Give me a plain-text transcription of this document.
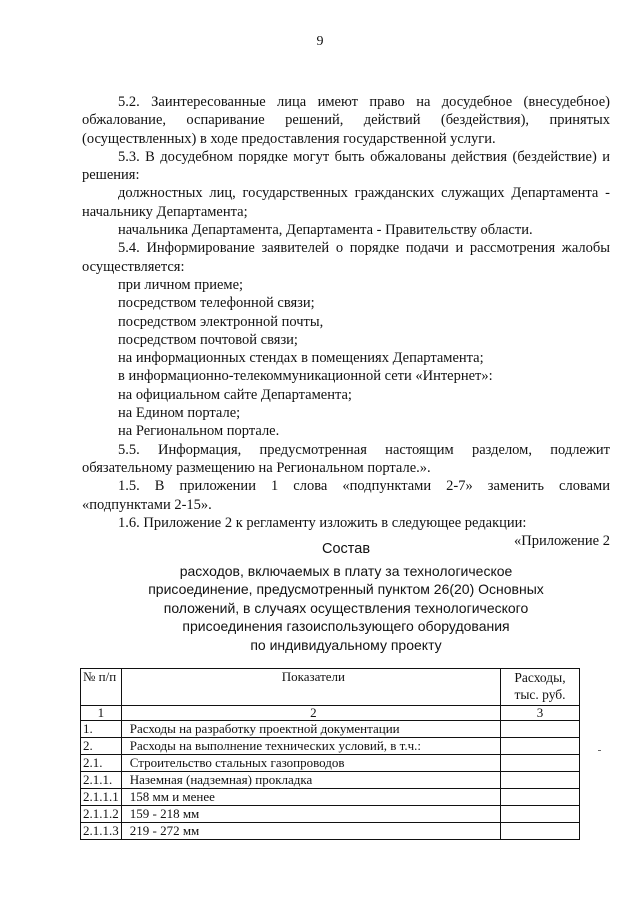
9

5.2. Заинтересованные лица имеют право на досудебное (внесудебное) обжалование, оспаривание решений, действий (бездействия), принятых (осуществленных) в ходе предоставления государственной услуги.

5.3. В досудебном порядке могут быть обжалованы действия (бездействие) и решения:

должностных лиц, государственных гражданских служащих Департамента - начальнику Департамента;

начальника Департамента, Департамента - Правительству области.

5.4. Информирование заявителей о порядке подачи и рассмотрения жалобы осуществляется:

при личном приеме;

посредством телефонной связи;

посредством электронной почты,

посредством почтовой связи;

на информационных стендах в помещениях Департамента;

в информационно-телекоммуникационной сети «Интернет»:

на официальном сайте Департамента;

на Едином портале;

на Региональном портале.

5.5. Информация, предусмотренная настоящим разделом, подлежит обязательному размещению на Региональном портале.».

1.5. В приложении 1 слова «подпунктами 2-7» заменить словами «подпунктами 2-15».

1.6. Приложение 2 к регламенту изложить в следующее редакции:

«Приложение 2

Состав
расходов, включаемых в плату за технологическое
присоединение, предусмотренный пунктом 26(20) Основных
положений, в случаях осуществления технологического
присоединения газоиспользующего оборудования
по индивидуальному проекту
№ п/п	Показатели	Расходы, тыс. руб.
1	2	3
1.	Расходы на разработку проектной документации	
2.	Расходы на выполнение технических условий, в т.ч.:	
2.1.	Строительство стальных газопроводов	
2.1.1.	Наземная (надземная) прокладка	
2.1.1.1	158 мм и менее	
2.1.1.2	159 - 218 мм	
2.1.1.3	219 - 272 мм	
